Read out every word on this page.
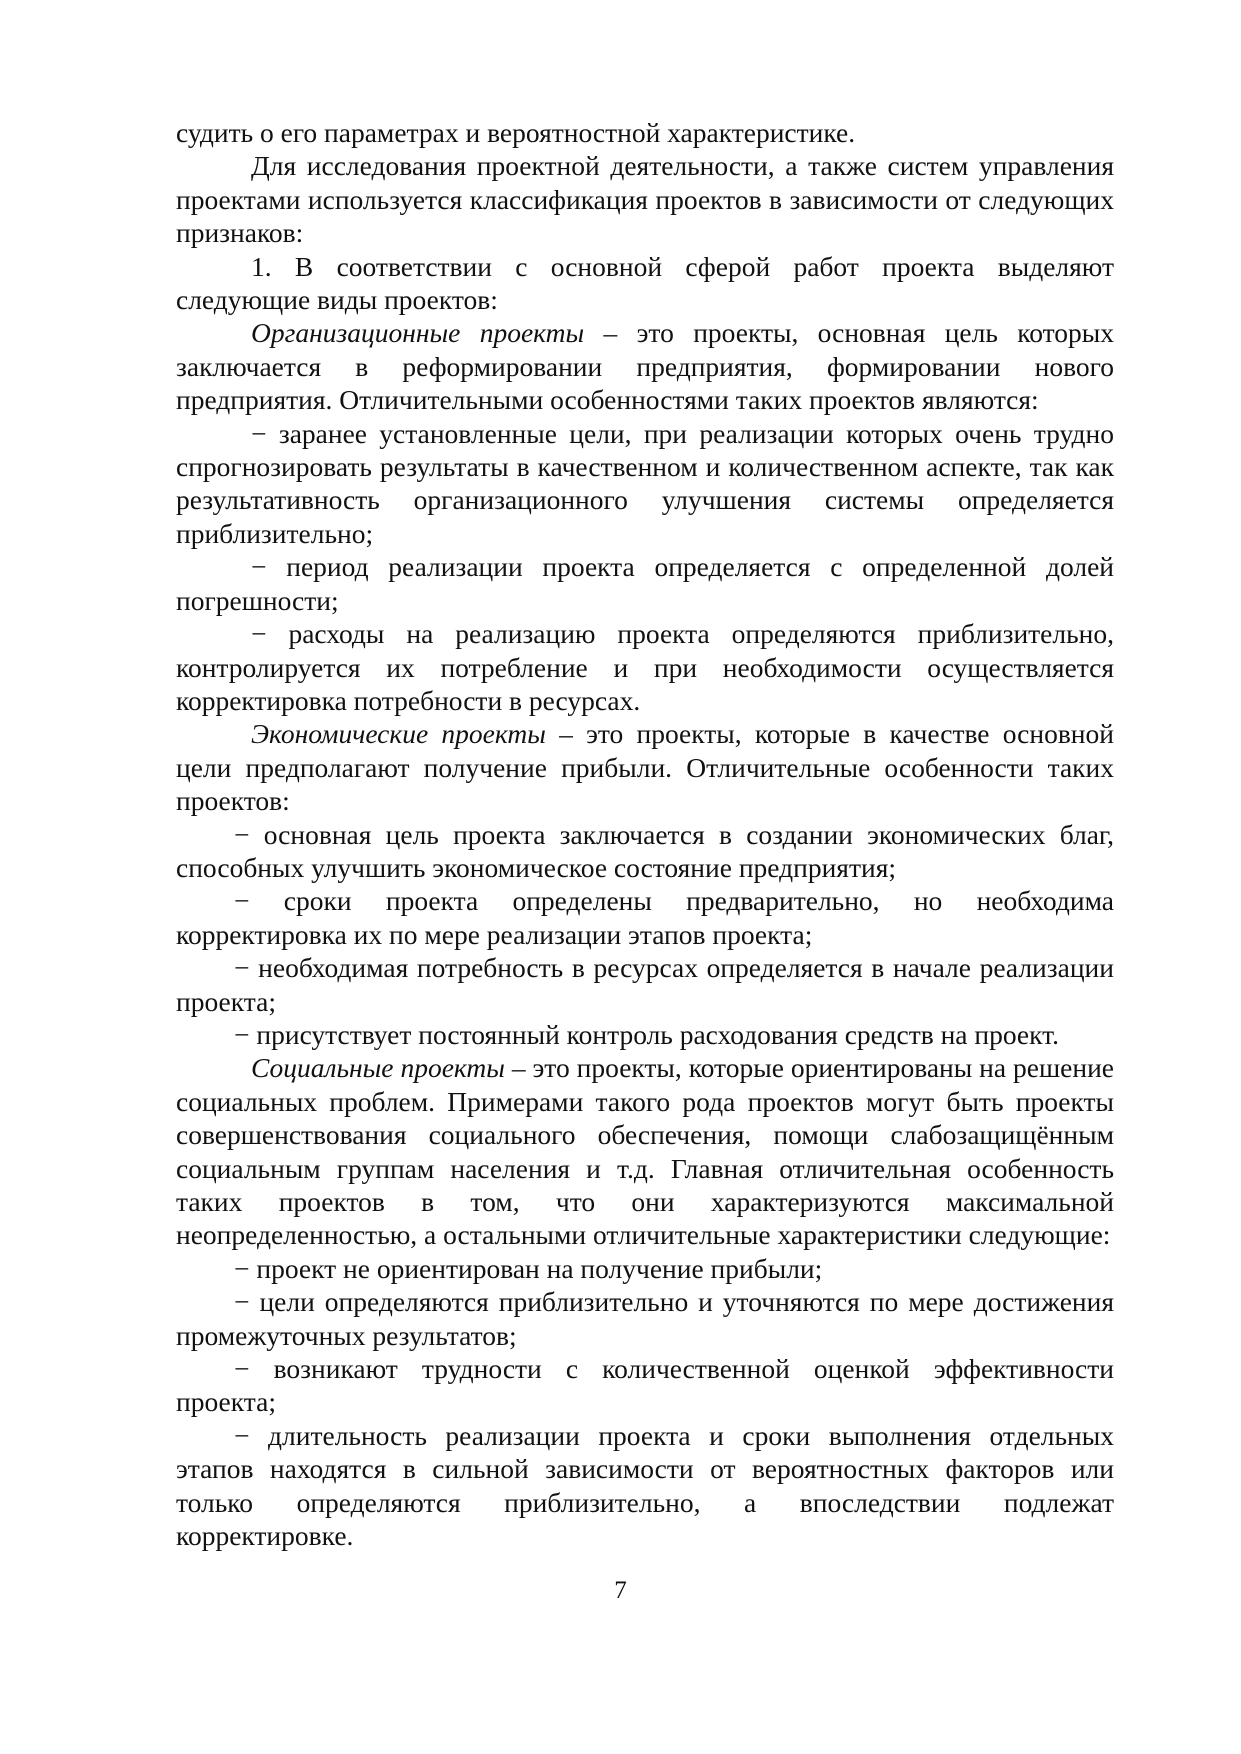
судить о его параметрах и вероятностной характеристике.

Для исследования проектной деятельности, а также систем управления проектами используется классификация проектов в зависимости от следующих признаков:

1. В соответствии с основной сферой работ проекта выделяют следующие виды проектов:

Организационные проекты – это проекты, основная цель которых заключается в реформировании предприятия, формировании нового предприятия. Отличительными особенностями таких проектов являются:

− заранее установленные цели, при реализации которых очень трудно спрогнозировать результаты в качественном и количественном аспекте, так как результативность организационного улучшения системы определяется приблизительно;

− период реализации проекта определяется с определенной долей погрешности;

− расходы на реализацию проекта определяются приблизительно, контролируется их потребление и при необходимости осуществляется корректировка потребности в ресурсах.

Экономические проекты – это проекты, которые в качестве основной цели предполагают получение прибыли. Отличительные особенности таких проектов:

− основная цель проекта заключается в создании экономических благ, способных улучшить экономическое состояние предприятия;

− сроки проекта определены предварительно, но необходима корректировка их по мере реализации этапов проекта;

− необходимая потребность в ресурсах определяется в начале реализации проекта;

− присутствует постоянный контроль расходования средств на проект.

Социальные проекты – это проекты, которые ориентированы на решение социальных проблем. Примерами такого рода проектов могут быть проекты совершенствования социального обеспечения, помощи слабозащищённым социальным группам населения и т.д. Главная отличительная особенность таких проектов в том, что они характеризуются максимальной неопределенностью, а остальными отличительные характеристики следующие:

− проект не ориентирован на получение прибыли;

− цели определяются приблизительно и уточняются по мере достижения промежуточных результатов;

− возникают трудности с количественной оценкой эффективности проекта;

− длительность реализации проекта и сроки выполнения отдельных этапов находятся в сильной зависимости от вероятностных факторов или только определяются приблизительно, а впоследствии подлежат корректировке.

7
